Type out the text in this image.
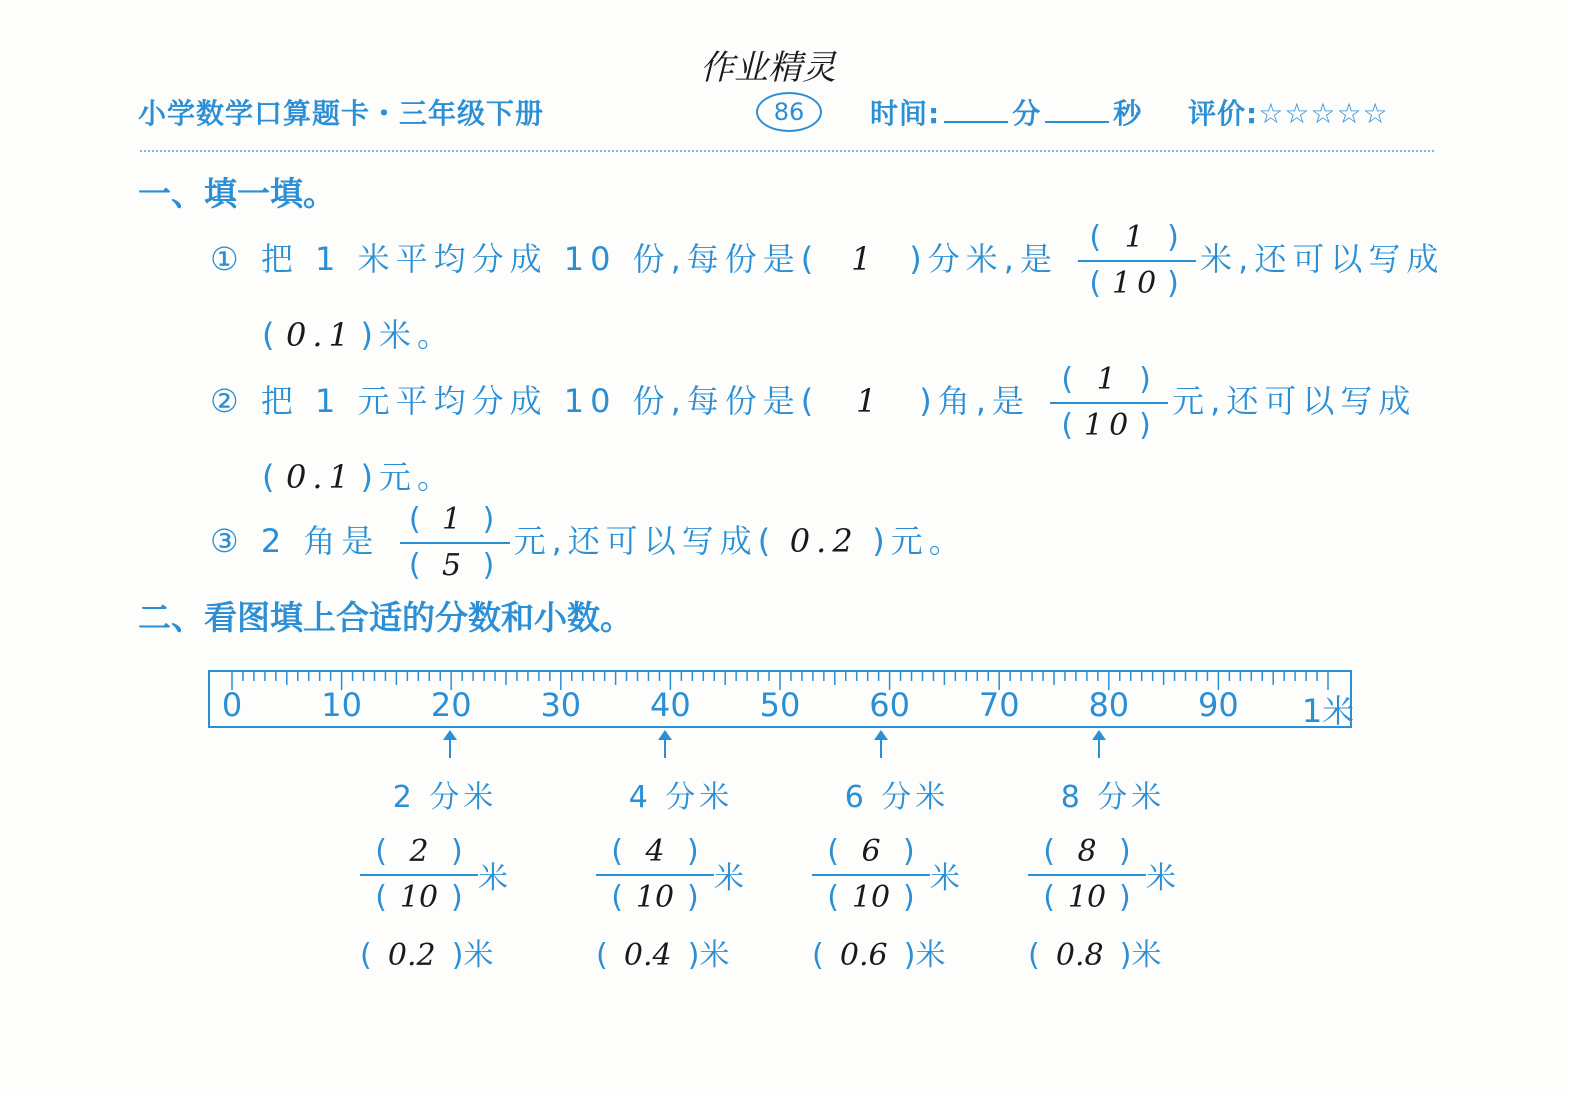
小学数学口算题卡・三年级下册
作业精灵
86	时间:	分	秒 评价:☆☆☆☆☆
一、填一填。
① 把 1 米平均分成 10 份,每份是( 1 )分米,是 $\frac{( 1 )}{( 10 )}$ 米,还可以写成
( 0.1 )米。
② 把 1 元平均分成 10 份,每份是( 1 )角,是 $\frac{( 1 )}{( 10 )}$ 元,还可以写成
( 0.1 )元。
③ 2 角是 $\frac{( 1 )}{( 5 )}$ 元,还可以写成( 0.2 )元。
二、看图填上合适的分数和小数。
0	10	20	30	40	50	60	70	80	90	1米
2 分米
$\frac{( 2 )}{( 10 )}$ 米
( 0.2 )米
4 分米
$\frac{( 4 )}{( 10 )}$ 米
( 0.4 )米
6 分米
$\frac{( 6 )}{( 10 )}$ 米
( 0.6 )米
8 分米
$\frac{( 8 )}{( 10 )}$ 米
( 0.8 )米
